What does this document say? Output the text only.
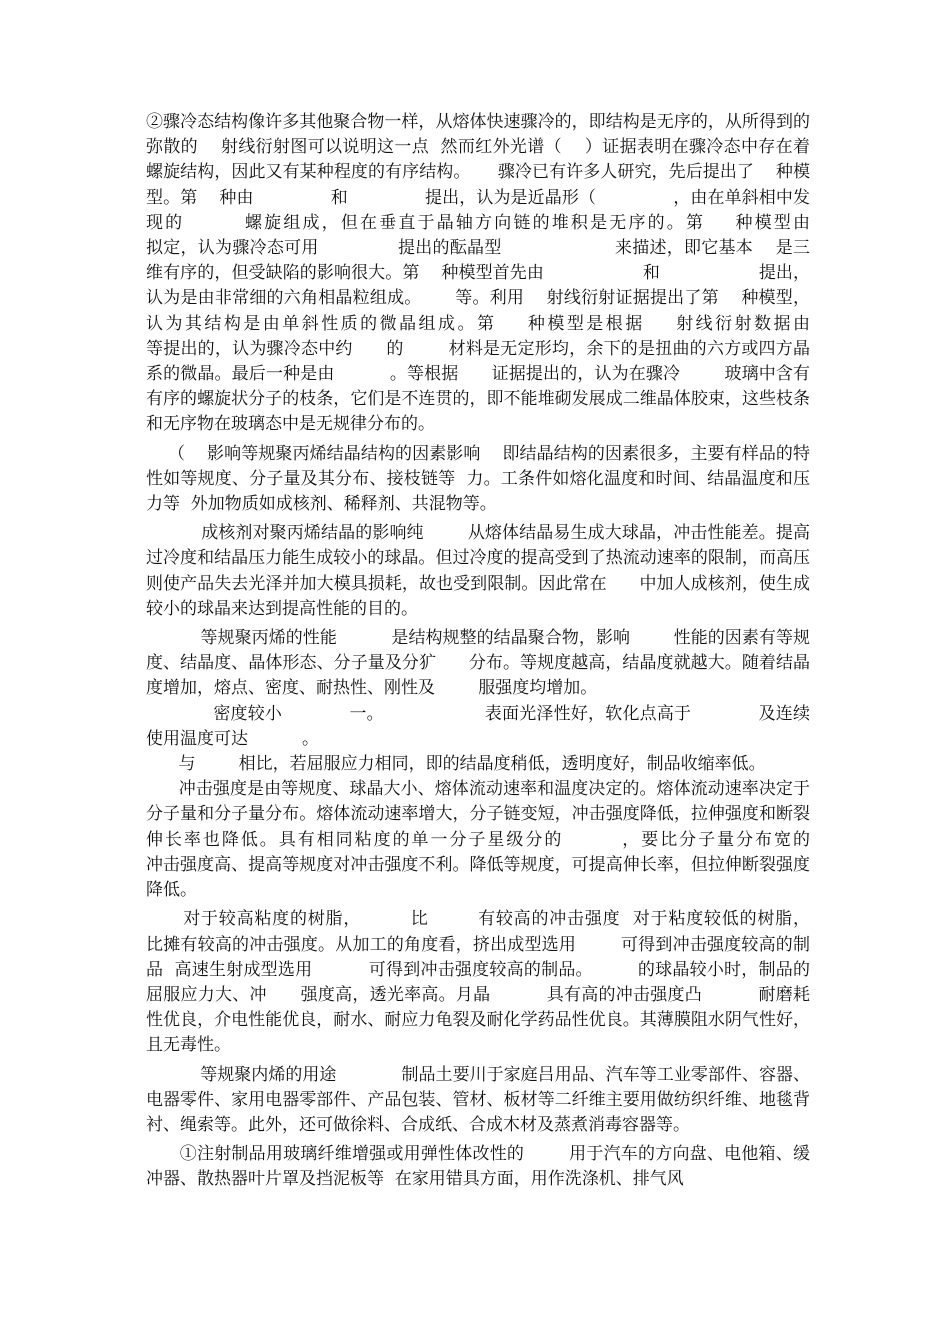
②骤冷态结构像许多其他聚合物一样，从熔体快速骤冷的，即结构是无序的，从所得到的弥散的    射线衍射图可以说明这一点  然而红外光谱（    ）证据表明在骤冷态中存在着螺旋结构，因此又有某种程度的有序结构。     骤冷已有许多人研究，先后提出了    种模型。第    种由              和              提出，认为是近晶形（              ，由在单斜相中发现的        螺旋组成，但在垂直于晶轴方向链的堆积是无序的。第    种模型由              拟定，认为骤冷态可用              提出的酝晶型                    来描述，即它基本    是三维有序的，但受缺陷的影响很大。第    种模型首先由                  和                  提出，认为是由非常细的六角相晶粒组成。      等。利用    射线衍射证据提出了第    种模型，认为其结构是由单斜性质的微晶组成。第    种模型是根据    射线衍射数据由                  等提出的，认为骤冷态中约      的        材料是无定形均，余下的是扭曲的六方或四方晶系的微晶。最后一种是由          。等根据      证据提出的，认为在骤冷        玻璃中含有有序的螺旋状分子的枝条，它们是不连贯的，即不能堆砌发展成二维晶体胶束，这些枝条和无序物在玻璃态中是无规律分布的。

（    影响等规聚丙烯结晶结构的因素影响    即结晶结构的因素很多，主要有样品的特性如等规度、分子量及其分布、接枝链等  力。工条件如熔化温度和时间、结晶温度和压力等  外加物质如成核剂、稀释剂、共混物等。

成核剂对聚丙烯结晶的影响纯        从熔体结晶易生成大球晶，冲击性能差。提高过冷度和结晶压力能生成较小的球晶。但过冷度的提高受到了热流动速率的限制，而高压则使产品失去光泽并加大模具损耗，故也受到限制。因此常在      中加人成核剂，使生成较小的球晶来达到提高性能的目的。

等规聚丙烯的性能          是结构规整的结晶聚合物，影响        性能的因素有等规度、结晶度、晶体形态、分子量及分犷      分布。等规度越高，结晶度就越大。随着结晶度增加，熔点、密度、耐热性、刚性及        服强度均增加。

密度较小            一。                  表面光泽性好，软化点高于            及连续使用温度可达          。

与        相比，若屈服应力相同，即的结晶度稍低，透明度好，制品收缩率低。

冲击强度是由等规度、球晶大小、熔体流动速率和温度决定的。熔体流动速率决定于分子量和分子量分布。熔体流动速率增大，分子链变短，冲击强度降低，拉伸强度和断裂伸长率也降低。具有相同粘度的单一分子星级分的        ，要比分子量分布宽的            冲击强度高、提高等规度对冲击强度不利。降低等规度，可提高伸长率，但拉伸断裂强度降低。

对于较高粘度的树脂，        比        有较高的冲击强度  对于粘度较低的树脂，      比摊有较高的冲击强度。从加工的角度看，挤出成型选用        可得到冲击强度较高的制品  高速生射成型选用          可得到冲击强度较高的制品。        的球晶较小时，制品的屈服应力大、冲      强度高，透光率高。月晶          具有高的冲击强度凸          耐磨耗性优良，介电性能优良，耐水、耐应力龟裂及耐化学药品性优良。其薄膜阻水阴气性好，且无毒性。

等规聚内烯的用途            制品土要川于家庭吕用品、汽车等工业零部件、容器、电器零件、家用电器零部件、产品包装、管材、板材等二纤维主要用做纺织纤维、地毯背衬、绳索等。此外，还可做徐料、合成纸、合成木材及蒸煮消毒容器等。

①注射制品用玻璃纤维增强或用弹性体改性的        用于汽车的方向盘、电他箱、缓冲器、散热器叶片罩及挡泥板等  在家用错具方面，用作洗涤机、排气风
